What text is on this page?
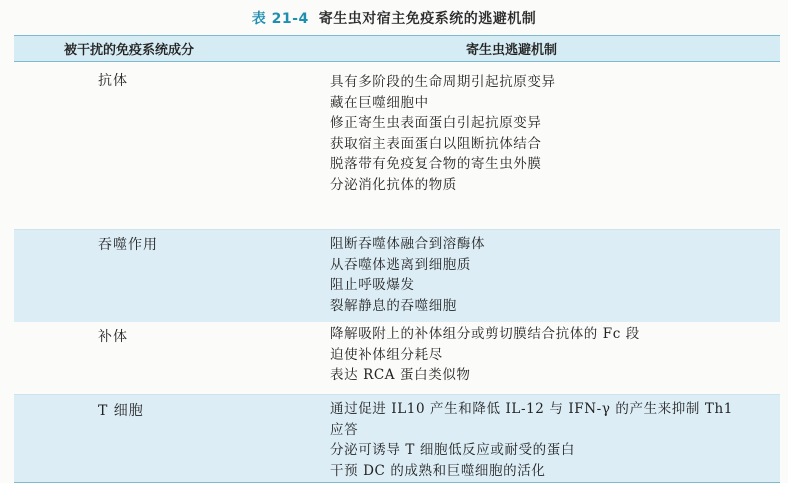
表 21-4 寄生虫对宿主免疫系统的逃避机制
被干扰的免疫系统成分	寄生虫逃避机制
抗体	具有多阶段的生命周期引起抗原变异
藏在巨噬细胞中
修正寄生虫表面蛋白引起抗原变异
获取宿主表面蛋白以阻断抗体结合
脱落带有免疫复合物的寄生虫外膜
分泌消化抗体的物质
吞噬作用	阻断吞噬体融合到溶酶体
从吞噬体逃离到细胞质
阻止呼吸爆发
裂解静息的吞噬细胞
补体	降解吸附上的补体组分或剪切膜结合抗体的 Fc 段
迫使补体组分耗尽
表达 RCA 蛋白类似物
T 细胞	通过促进 IL10 产生和降低 IL-12 与 IFN-γ 的产生来抑制 Th1
应答
分泌可诱导 T 细胞低反应或耐受的蛋白
干预 DC 的成熟和巨噬细胞的活化
